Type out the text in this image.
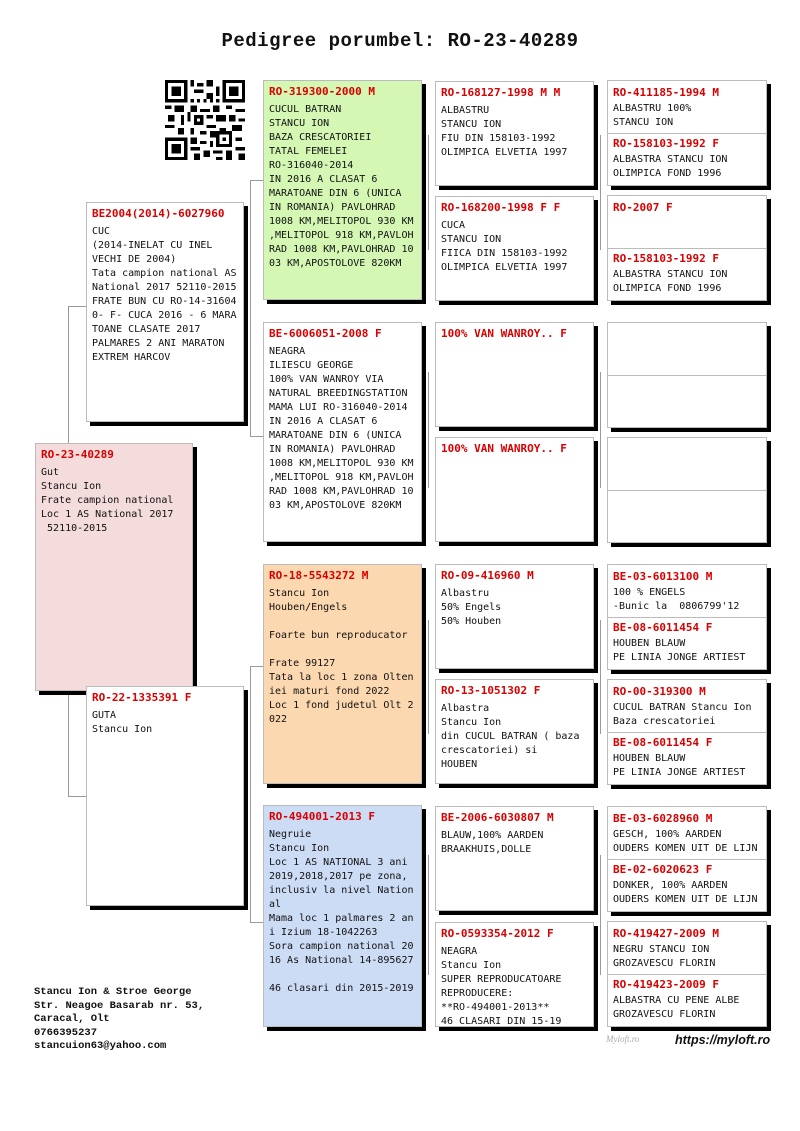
Pedigree porumbel: RO-23-40289
RO-23-40289
Gut
Stancu Ion
Frate campion national
Loc 1 AS National 2017
52110-2015
BE2004(2014)-6027960
CUC
(2014-INELAT CU INEL
VECHI DE 2004)
Tata campion national AS
National 2017 52110-2015
FRATE BUN CU RO-14-31604
0- F- CUCA 2016 - 6 MARA
TOANE CLASATE 2017
PALMARES 2 ANI MARATON
EXTREM HARCOV
RO-22-1335391 F
GUTA
Stancu Ion
RO-319300-2000 M
CUCUL BATRAN
STANCU ION
BAZA CRESCATORIEI
TATAL FEMELEI
RO-316040-2014
IN 2016 A CLASAT 6
MARATOANE DIN 6 (UNICA
IN ROMANIA) PAVLOHRAD
1008 KM,MELITOPOL 930 KM
,MELITOPOL 918 KM,PAVLOH
RAD 1008 KM,PAVLOHRAD 10
03 KM,APOSTOLOVE 820KM
BE-6006051-2008 F
NEAGRA
ILIESCU GEORGE
100% VAN WANROY VIA
NATURAL BREEDINGSTATION
MAMA LUI RO-316040-2014
IN 2016 A CLASAT 6
MARATOANE DIN 6 (UNICA
IN ROMANIA) PAVLOHRAD
1008 KM,MELITOPOL 930 KM
,MELITOPOL 918 KM,PAVLOH
RAD 1008 KM,PAVLOHRAD 10
03 KM,APOSTOLOVE 820KM
RO-18-5543272 M
Stancu Ion
Houben/Engels

Foarte bun reproducator

Frate 99127
Tata la loc 1 zona Olten
iei maturi fond 2022
Loc 1 fond judetul Olt 2
022
RO-494001-2013 F
Negruie
Stancu Ion
Loc 1 AS NATIONAL 3 ani
2019,2018,2017 pe zona,
inclusiv la nivel Nation
al
Mama loc 1 palmares 2 an
i Izium 18-1042263
Sora campion national 20
16 As National 14-895627

46 clasari din 2015-2019
RO-168127-1998 M M
ALBASTRU
STANCU ION
FIU DIN 158103-1992
OLIMPICA ELVETIA 1997
RO-168200-1998 F F
CUCA
STANCU ION
FIICA DIN 158103-1992
OLIMPICA ELVETIA 1997
100% VAN WANROY.. F
100% VAN WANROY.. F
RO-09-416960 M
Albastru
50% Engels
50% Houben
RO-13-1051302 F
Albastra
Stancu Ion
din CUCUL BATRAN ( baza
crescatoriei) si
HOUBEN
BE-2006-6030807 M
BLAUW,100% AARDEN
BRAAKHUIS,DOLLE
RO-0593354-2012 F
NEAGRA
Stancu Ion
SUPER REPRODUCATOARE
REPRODUCERE:
**RO-494001-2013**
46 CLASARI DIN 15-19
RO-411185-1994 M
ALBASTRU 100%
STANCU ION
RO-158103-1992 F
ALBASTRA STANCU ION
OLIMPICA FOND 1996
RO-2007 F
RO-158103-1992 F
ALBASTRA STANCU ION
OLIMPICA FOND 1996
BE-03-6013100 M
100 % ENGELS
-Bunic la  0806799'12
BE-08-6011454 F
HOUBEN BLAUW
PE LINIA JONGE ARTIEST
RO-00-319300 M
CUCUL BATRAN Stancu Ion
Baza crescatoriei
BE-08-6011454 F
HOUBEN BLAUW
PE LINIA JONGE ARTIEST
BE-03-6028960 M
GESCH, 100% AARDEN
OUDERS KOMEN UIT DE LIJN
BE-02-6020623 F
DONKER, 100% AARDEN
OUDERS KOMEN UIT DE LIJN
RO-419427-2009 M
NEGRU STANCU ION
GROZAVESCU FLORIN
RO-419423-2009 F
ALBASTRA CU PENE ALBE
GROZAVESCU FLORIN
Stancu Ion & Stroe George
Str. Neagoe Basarab nr. 53,
Caracal, Olt
0766395237
stancuion63@yahoo.com
Myloft.ro	https://myloft.ro
